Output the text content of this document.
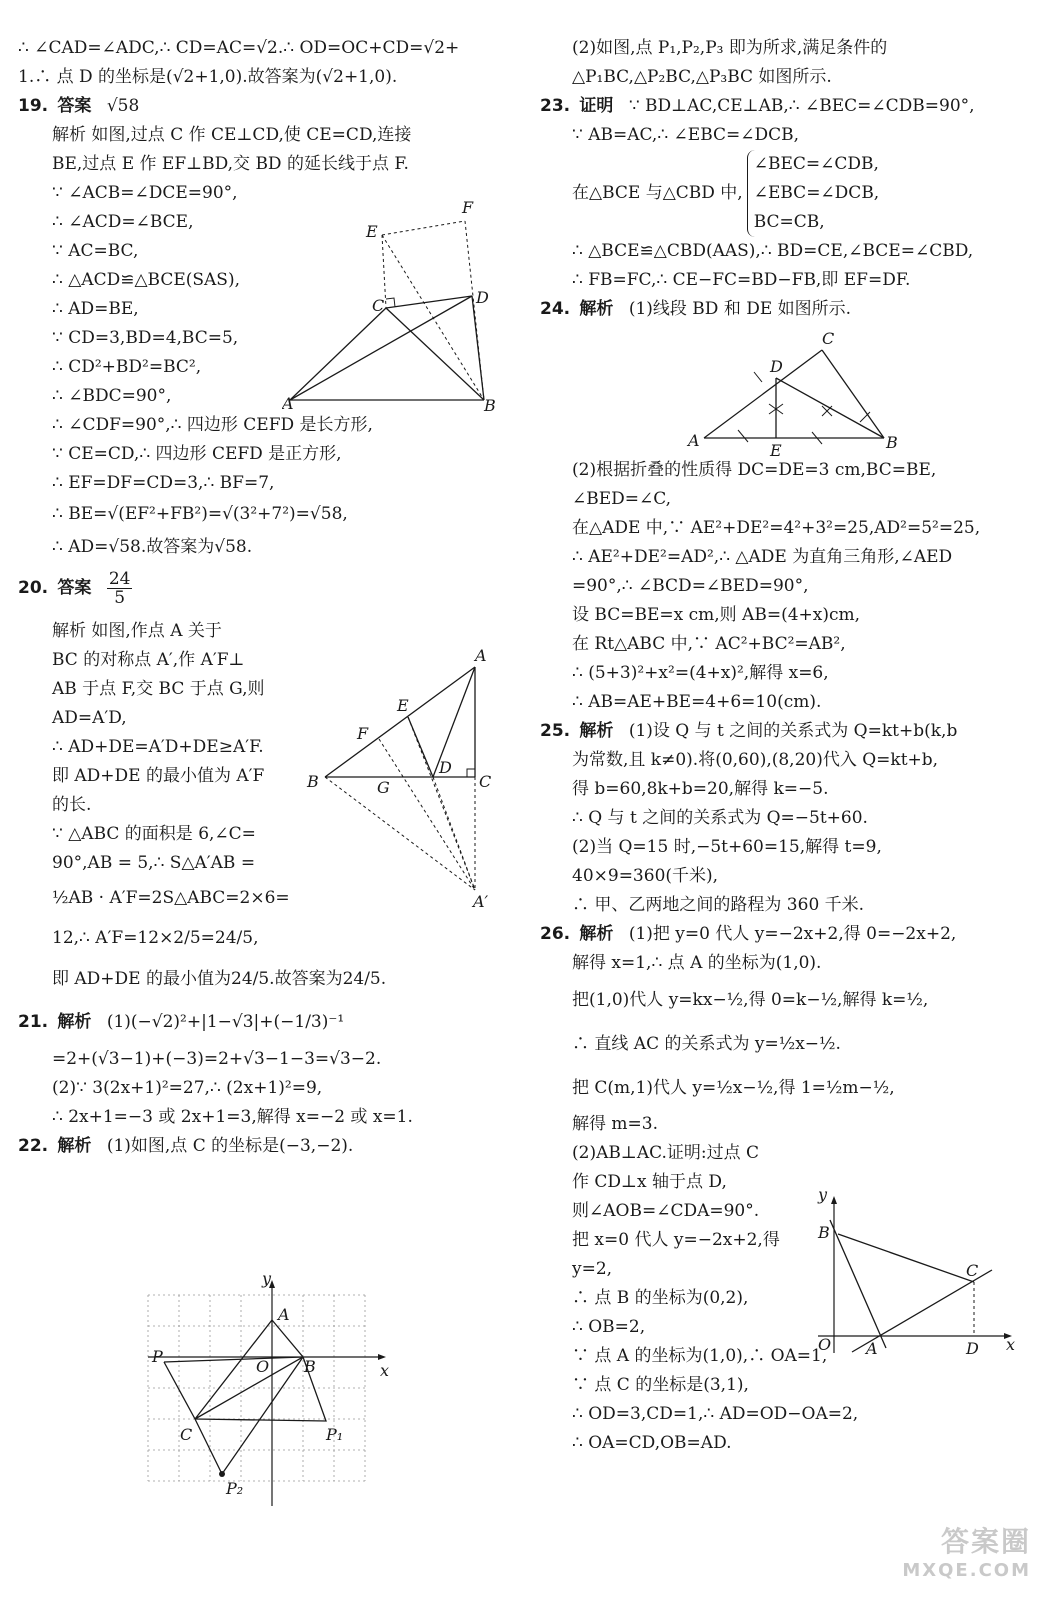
∴ ∠CAD=∠ADC,∴ CD=AC=√2.∴ OD=OC+CD=√2+
1.∴ 点 D 的坐标是(√2+1,0).故答案为(√2+1,0).
19. 答案 √58
解析 如图,过点 C 作 CE⊥CD,使 CE=CD,连接
BE,过点 E 作 EF⊥BD,交 BD 的延长线于点 F.
∵ ∠ACB=∠DCE=90°,
∴ ∠ACD=∠BCE,
∵ AC=BC,
∴ △ACD≌△BCE(SAS),
∴ AD=BE,
∵ CD=3,BD=4,BC=5,
∴ CD²+BD²=BC²,
∴ ∠BDC=90°,
∴ ∠CDF=90°,∴ 四边形 CEFD 是长方形,
∵ CE=CD,∴ 四边形 CEFD 是正方形,
∴ EF=DF=CD=3,∴ BF=7,
∴ BE=√(EF²+FB²)=√(3²+7²)=√58,
∴ AD=√58.故答案为√58.
20. 答案 $\frac{24}{5}$
解析 如图,作点 A 关于
BC 的对称点 A′,作 A′F⊥
AB 于点 F,交 BC 于点 G,则
AD=A′D,
∴ AD+DE=A′D+DE≥A′F.
即 AD+DE 的最小值为 A′F
的长.
∵ △ABC 的面积是 6,∠C=
90°,AB = 5,∴ S△A′AB =
½AB · A′F=2S△ABC=2×6=
12,∴ A′F=12×2/5=24/5,
即 AD+DE 的最小值为24/5.故答案为24/5.
21. 解析 (1)(−√2)²+|1−√3|+(−1/3)⁻¹
=2+(√3−1)+(−3)=2+√3−1−3=√3−2.
(2)∵ 3(2x+1)²=27,∴ (2x+1)²=9,
∴ 2x+1=−3 或 2x+1=3,解得 x=−2 或 x=1.
22. 解析 (1)如图,点 C 的坐标是(−3,−2).
E
F
C	D
A	B
A
E
F
B	G
D
C
A′
y
x
A
O B
P
C	P₁
P₂
(2)如图,点 P₁,P₂,P₃ 即为所求,满足条件的
△P₁BC,△P₂BC,△P₃BC 如图所示.
23. 证明 ∵ BD⊥AC,CE⊥AB,∴ ∠BEC=∠CDB=90°,
∵ AB=AC,∴ ∠EBC=∠DCB,
在△BCE 与△CBD 中,
∠BEC=∠CDB,
∠EBC=∠DCB,
BC=CB,
∴ △BCE≌△CBD(AAS),∴ BD=CE,∠BCE=∠CBD,
∴ FB=FC,∴ CE−FC=BD−FB,即 EF=DF.
24. 解析 (1)线段 BD 和 DE 如图所示.
(2)根据折叠的性质得 DC=DE=3 cm,BC=BE,
∠BED=∠C,
在△ADE 中,∵ AE²+DE²=4²+3²=25,AD²=5²=25,
∴ AE²+DE²=AD²,∴ △ADE 为直角三角形,∠AED
=90°,∴ ∠BCD=∠BED=90°,
设 BC=BE=x cm,则 AB=(4+x)cm,
在 Rt△ABC 中,∵ AC²+BC²=AB²,
∴ (5+3)²+x²=(4+x)²,解得 x=6,
∴ AB=AE+BE=4+6=10(cm).
25. 解析 (1)设 Q 与 t 之间的关系式为 Q=kt+b(k,b
为常数,且 k≠0).将(0,60),(8,20)代入 Q=kt+b,
得 b=60,8k+b=20,解得 k=−5.
∴ Q 与 t 之间的关系式为 Q=−5t+60.
(2)当 Q=15 时,−5t+60=15,解得 t=9,
40×9=360(千米),
∴ 甲、乙两地之间的路程为 360 千米.
26. 解析 (1)把 y=0 代人 y=−2x+2,得 0=−2x+2,
解得 x=1,∴ 点 A 的坐标为(1,0).
把(1,0)代人 y=kx−½,得 0=k−½,解得 k=½,
∴ 直线 AC 的关系式为 y=½x−½.
把 C(m,1)代人 y=½x−½,得 1=½m−½,
解得 m=3.
(2)AB⊥AC.证明:过点 C
作 CD⊥x 轴于点 D,
则∠AOB=∠CDA=90°.
把 x=0 代人 y=−2x+2,得
y=2,
∴ 点 B 的坐标为(0,2),
∴ OB=2,
∵ 点 A 的坐标为(1,0),∴ OA=1,
∵ 点 C 的坐标是(3,1),
∴ OD=3,CD=1,∴ AD=OD−OA=2,
∴ OA=CD,OB=AD.
C
D
A
E	B
y
B
C
O A	D x
答案圈
MXQE.COM
